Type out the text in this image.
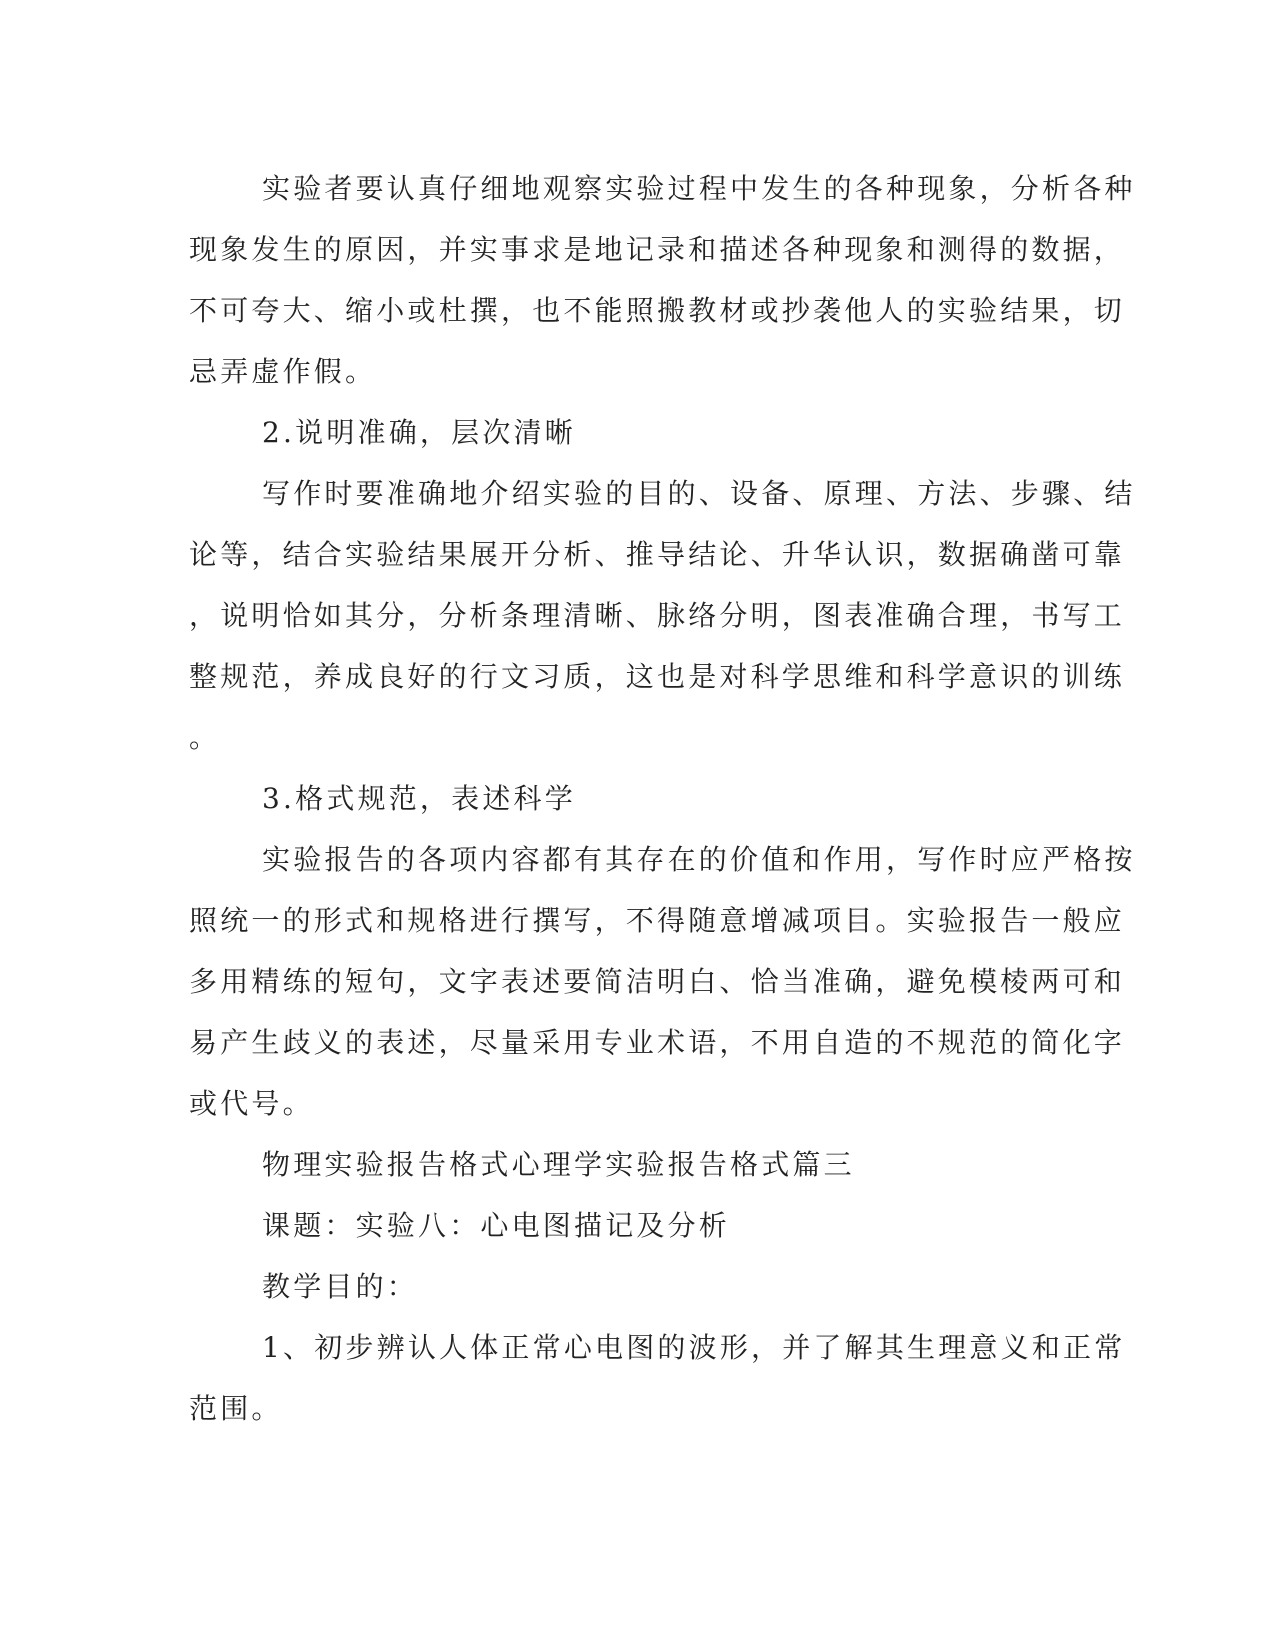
实验者要认真仔细地观察实验过程中发生的各种现象，分析各种
现象发生的原因，并实事求是地记录和描述各种现象和测得的数据，
不可夸大、缩小或杜撰，也不能照搬教材或抄袭他人的实验结果，切
忌弄虚作假。
2.说明准确，层次清晰
写作时要准确地介绍实验的目的、设备、原理、方法、步骤、结
论等，结合实验结果展开分析、推导结论、升华认识，数据确凿可靠
，说明恰如其分，分析条理清晰、脉络分明，图表准确合理，书写工
整规范，养成良好的行文习质，这也是对科学思维和科学意识的训练
。
3.格式规范，表述科学
实验报告的各项内容都有其存在的价值和作用，写作时应严格按
照统一的形式和规格进行撰写，不得随意增减项目。实验报告一般应
多用精练的短句，文字表述要简洁明白、恰当准确，避免模棱两可和
易产生歧义的表述，尽量采用专业术语，不用自造的不规范的简化字
或代号。
物理实验报告格式心理学实验报告格式篇三
课题：实验八：心电图描记及分析
教学目的：
1、初步辨认人体正常心电图的波形，并了解其生理意义和正常
范围。
